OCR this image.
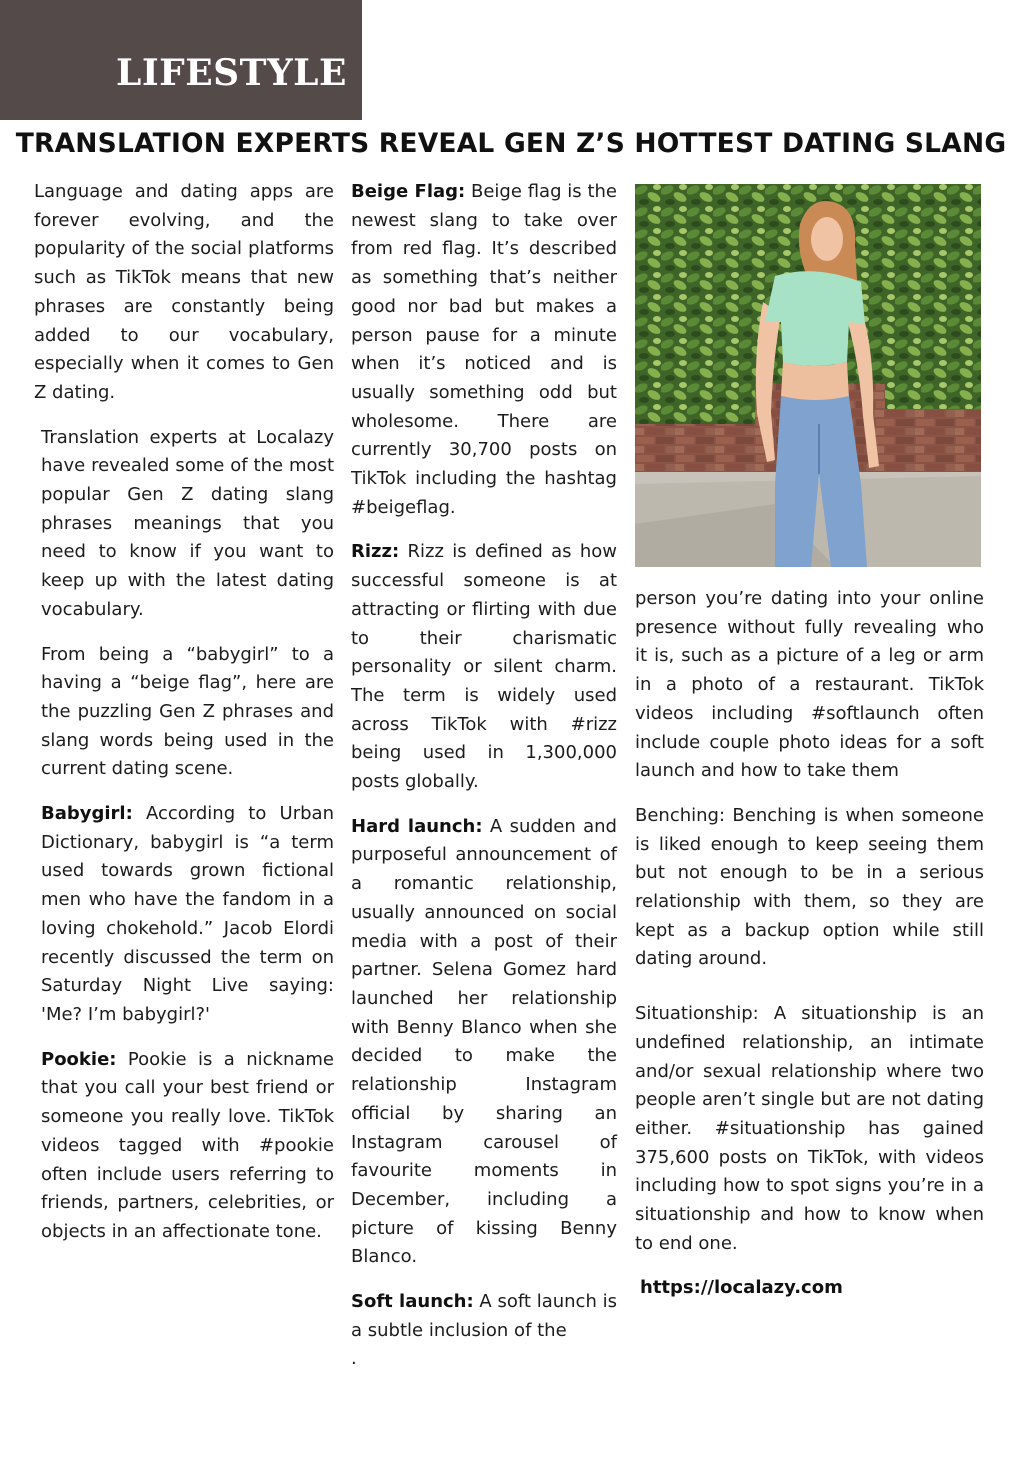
LIFESTYLE
TRANSLATION EXPERTS REVEAL GEN Z’S HOTTEST DATING SLANG

Language and dating apps are forever evolving, and the popularity of the social platforms such as TikTok means that new phrases are constantly being added to our vocabulary, especially when it comes to Gen Z dating.

Translation experts at Localazy have revealed some of the most popular Gen Z dating slang phrases meanings that you need to know if you want to keep up with the latest dating vocabulary.

From being a “babygirl” to a having a “beige flag”, here are the puzzling Gen Z phrases and slang words being used in the current dating scene.

Babygirl: According to Urban Dictionary, babygirl is “a term used towards grown fictional men who have the fandom in a loving chokehold.” Jacob Elordi recently discussed the term on Saturday Night Live saying: 'Me? I’m babygirl?'

Pookie: Pookie is a nickname that you call your best friend or someone you really love. TikTok videos tagged with #pookie often include users referring to friends, partners, celebrities, or objects in an affectionate tone.

Beige Flag: Beige flag is the newest slang to take over from red flag. It’s described as something that’s neither good nor bad but makes a person pause for a minute when it’s noticed and is usually something odd but wholesome. There are currently 30,700 posts on TikTok including the hashtag #beigeflag.

Rizz: Rizz is defined as how successful someone is at attracting or flirting with due to their charismatic personality or silent charm. The term is widely used across TikTok with #rizz being used in 1,300,000 posts globally.

Hard launch: A sudden and purposeful announcement of a romantic relationship, usually announced on social media with a post of their partner. Selena Gomez hard launched her relationship with Benny Blanco when she decided to make the relationship Instagram official by sharing an Instagram carousel of favourite moments in December, including a picture of kissing Benny Blanco.

Soft launch: A soft launch is a subtle inclusion of the

.

person you’re dating into your online presence without fully revealing who it is, such as a picture of a leg or arm in a photo of a restaurant. TikTok videos including #softlaunch often include couple photo ideas for a soft launch and how to take them

Benching: Benching is when someone is liked enough to keep seeing them but not enough to be in a serious relationship with them, so they are kept as a backup option while still dating around.

Situationship: A situationship is an undefined relationship, an intimate and/or sexual relationship where two people aren’t single but are not dating either. #situationship has gained 375,600 posts on TikTok, with videos including how to spot signs you’re in a situationship and how to know when to end one.

https://localazy.com
